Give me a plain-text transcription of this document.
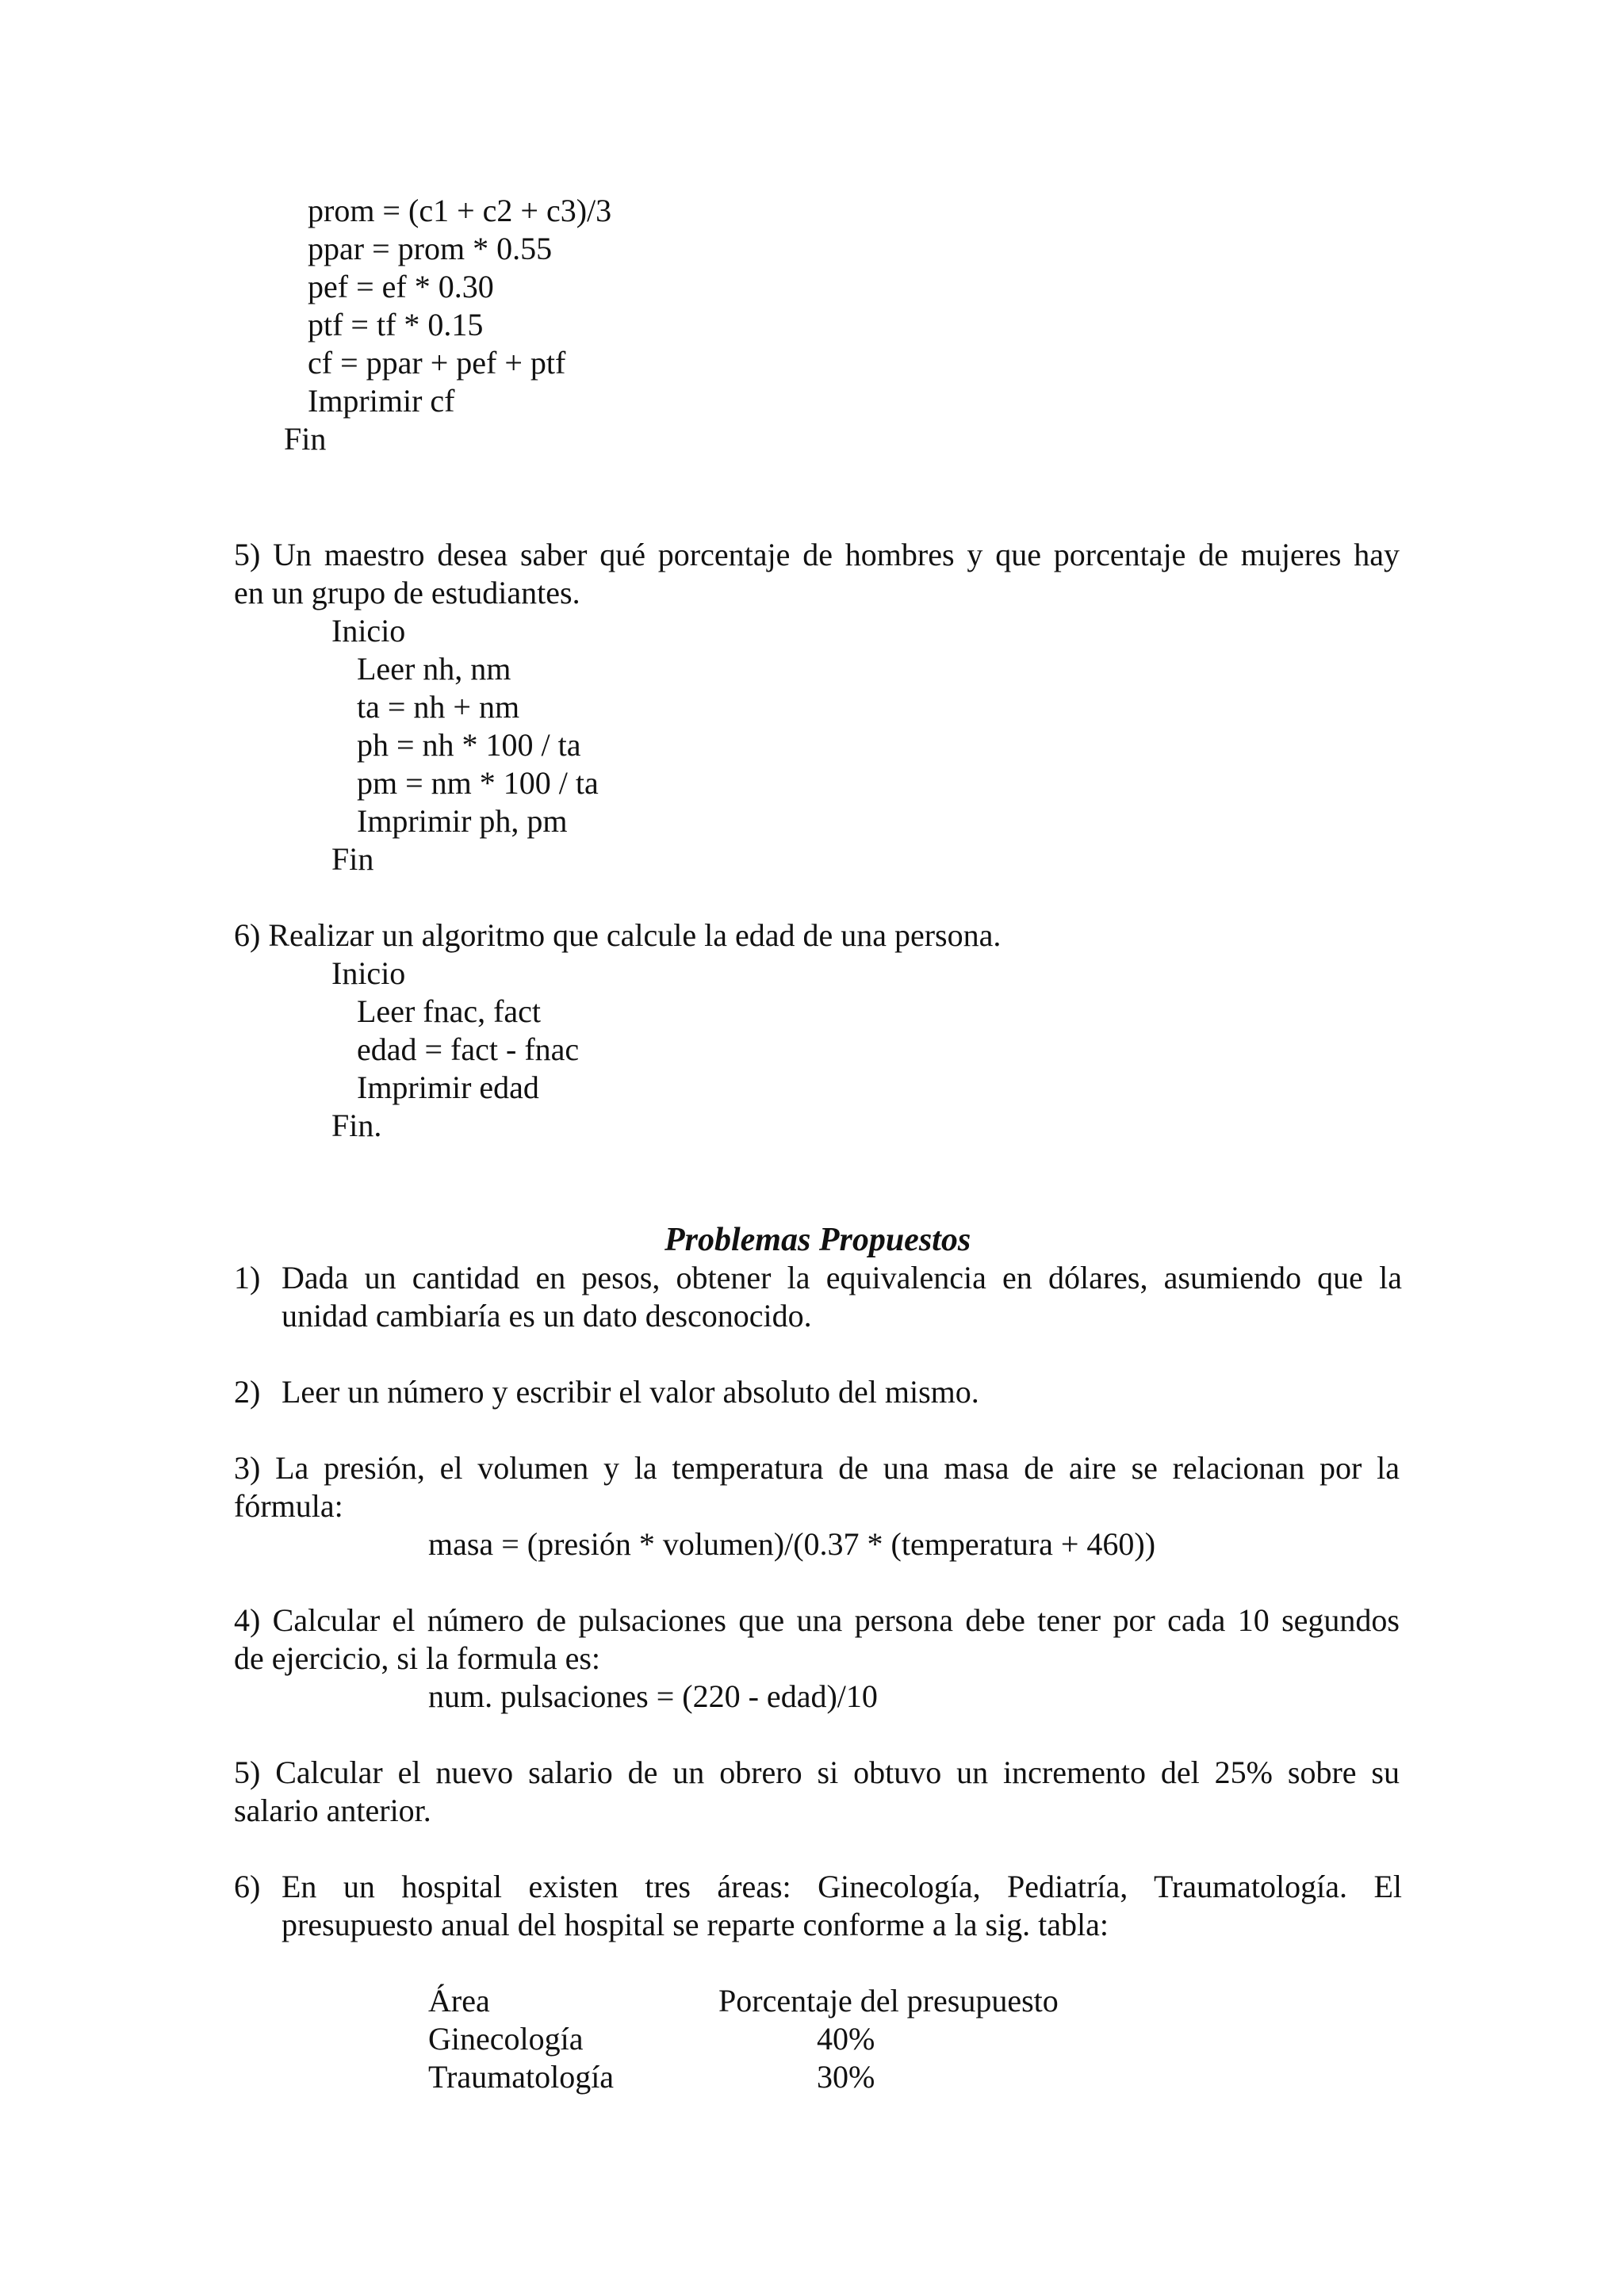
prom = (c1 + c2 + c3)/3
ppar = prom * 0.55
pef = ef * 0.30
ptf = tf * 0.15
cf = ppar + pef + ptf
Imprimir cf
Fin
5) Un maestro desea saber qué porcentaje de hombres y que porcentaje de mujeres hay
en un grupo de estudiantes.
Inicio
Leer nh, nm
ta = nh + nm
ph = nh * 100 / ta
pm = nm * 100 / ta
Imprimir ph, pm
Fin
6) Realizar un algoritmo que calcule la edad de una persona.
Inicio
Leer fnac, fact
edad = fact - fnac
Imprimir edad
Fin.
Problemas Propuestos
1) Dada un cantidad en pesos, obtener la equivalencia en dólares, asumiendo que la
unidad cambiaría es un dato desconocido.
2) Leer un número y escribir el valor absoluto del mismo.
3) La presión, el volumen y la temperatura de una masa de aire se relacionan por la
fórmula:
masa = (presión * volumen)/(0.37 * (temperatura + 460))
4) Calcular el número de pulsaciones que una persona debe tener por cada 10 segundos
de ejercicio, si la formula es:
num. pulsaciones = (220 - edad)/10
5) Calcular el nuevo salario de un obrero si obtuvo un incremento del 25% sobre su
salario anterior.
6) En un hospital existen tres áreas: Ginecología, Pediatría, Traumatología. El
presupuesto anual del hospital se reparte conforme a la sig. tabla:
Área	Porcentaje del presupuesto
Ginecología	40%
Traumatología	30%
